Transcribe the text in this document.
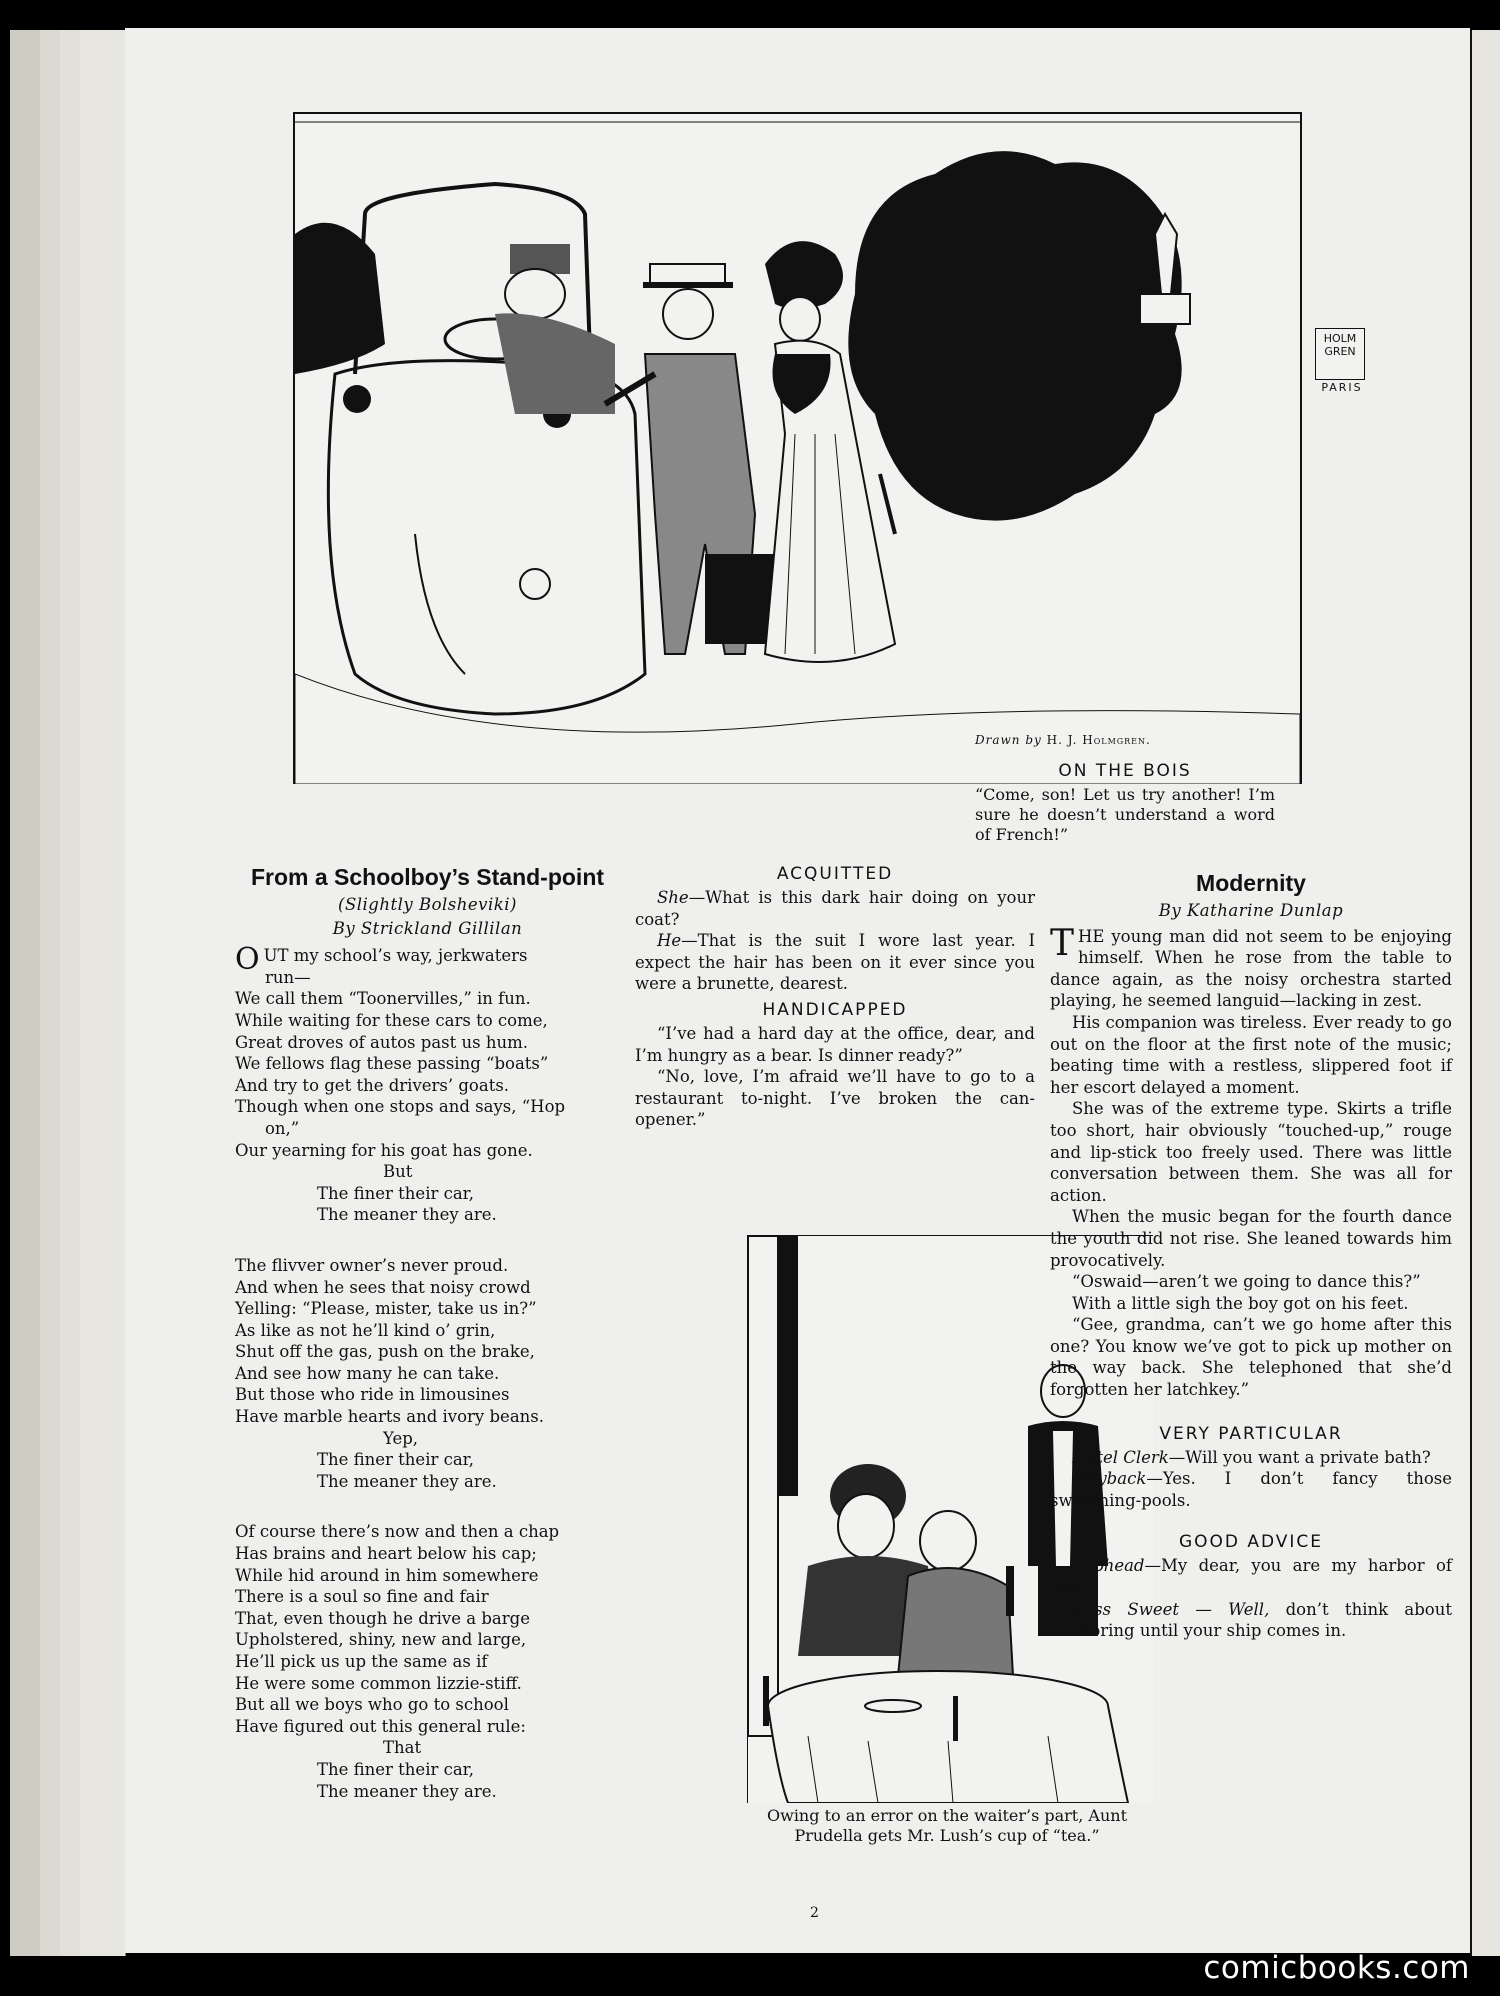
HOLM
GREN
PARIS
Drawn by H. J. Holmgren.
ON THE BOIS
“Come, son! Let us try another! I’m sure he doesn’t understand a word of French!”
From a Schoolboy’s Stand-point
(Slightly Bolsheviki)
By Strickland Gillilan

OUT my school’s way, jerkwaters

run—

We call them “Toonervilles,” in fun.

While waiting for these cars to come,

Great droves of autos past us hum.

We fellows flag these passing “boats”

And try to get the drivers’ goats.

Though when one stops and says, “Hop

on,”

Our yearning for his goat has gone.

But

The finer their car,

The meaner they are.

The flivver owner’s never proud.

And when he sees that noisy crowd

Yelling: “Please, mister, take us in?”

As like as not he’ll kind o’ grin,

Shut off the gas, push on the brake,

And see how many he can take.

But those who ride in limousines

Have marble hearts and ivory beans.

Yep,

The finer their car,

The meaner they are.

Of course there’s now and then a chap

Has brains and heart below his cap;

While hid around in him somewhere

There is a soul so fine and fair

That, even though he drive a barge

Upholstered, shiny, new and large,

He’ll pick us up the same as if

He were some common lizzie-stiff.

But all we boys who go to school

Have figured out this general rule:

That

The finer their car,

The meaner they are.

ACQUITTED

She—What is this dark hair doing on your coat?

He—That is the suit I wore last year. I expect the hair has been on it ever since you were a brunette, dearest.

HANDICAPPED

“I’ve had a hard day at the office, dear, and I’m hungry as a bear. Is dinner ready?”

“No, love, I’m afraid we’ll have to go to a restaurant to-night. I’ve broken the can-opener.”

Owing to an error on the waiter’s part, Aunt Prudella gets Mr. Lush’s cup of “tea.”
Modernity
By Katharine Dunlap

THE young man did not seem to be enjoying himself. When he rose from the table to dance again, as the noisy orchestra started playing, he seemed languid—lacking in zest.

His companion was tireless. Ever ready to go out on the floor at the first note of the music; beating time with a restless, slippered foot if her escort delayed a moment.

She was of the extreme type. Skirts a trifle too short, hair obviously “touched-up,” rouge and lip-stick too freely used. There was little conversation between them. She was all for action.

When the music began for the fourth dance the youth did not rise. She leaned towards him provocatively.

“Oswaid—aren’t we going to dance this?”

With a little sigh the boy got on his feet.

“Gee, grandma, can’t we go home after this one? You know we’ve got to pick up mother on the way back. She telephoned that she’d forgotten her latchkey.”

VERY PARTICULAR

Hotel Clerk—Will you want a private bath?

Wayback—Yes. I don’t fancy those swimming-pools.

GOOD ADVICE

Saphead—My dear, you are my harbor of love.

Miss Sweet — Well, don’t think about anchoring until your ship comes in.

2
comicbooks.com
